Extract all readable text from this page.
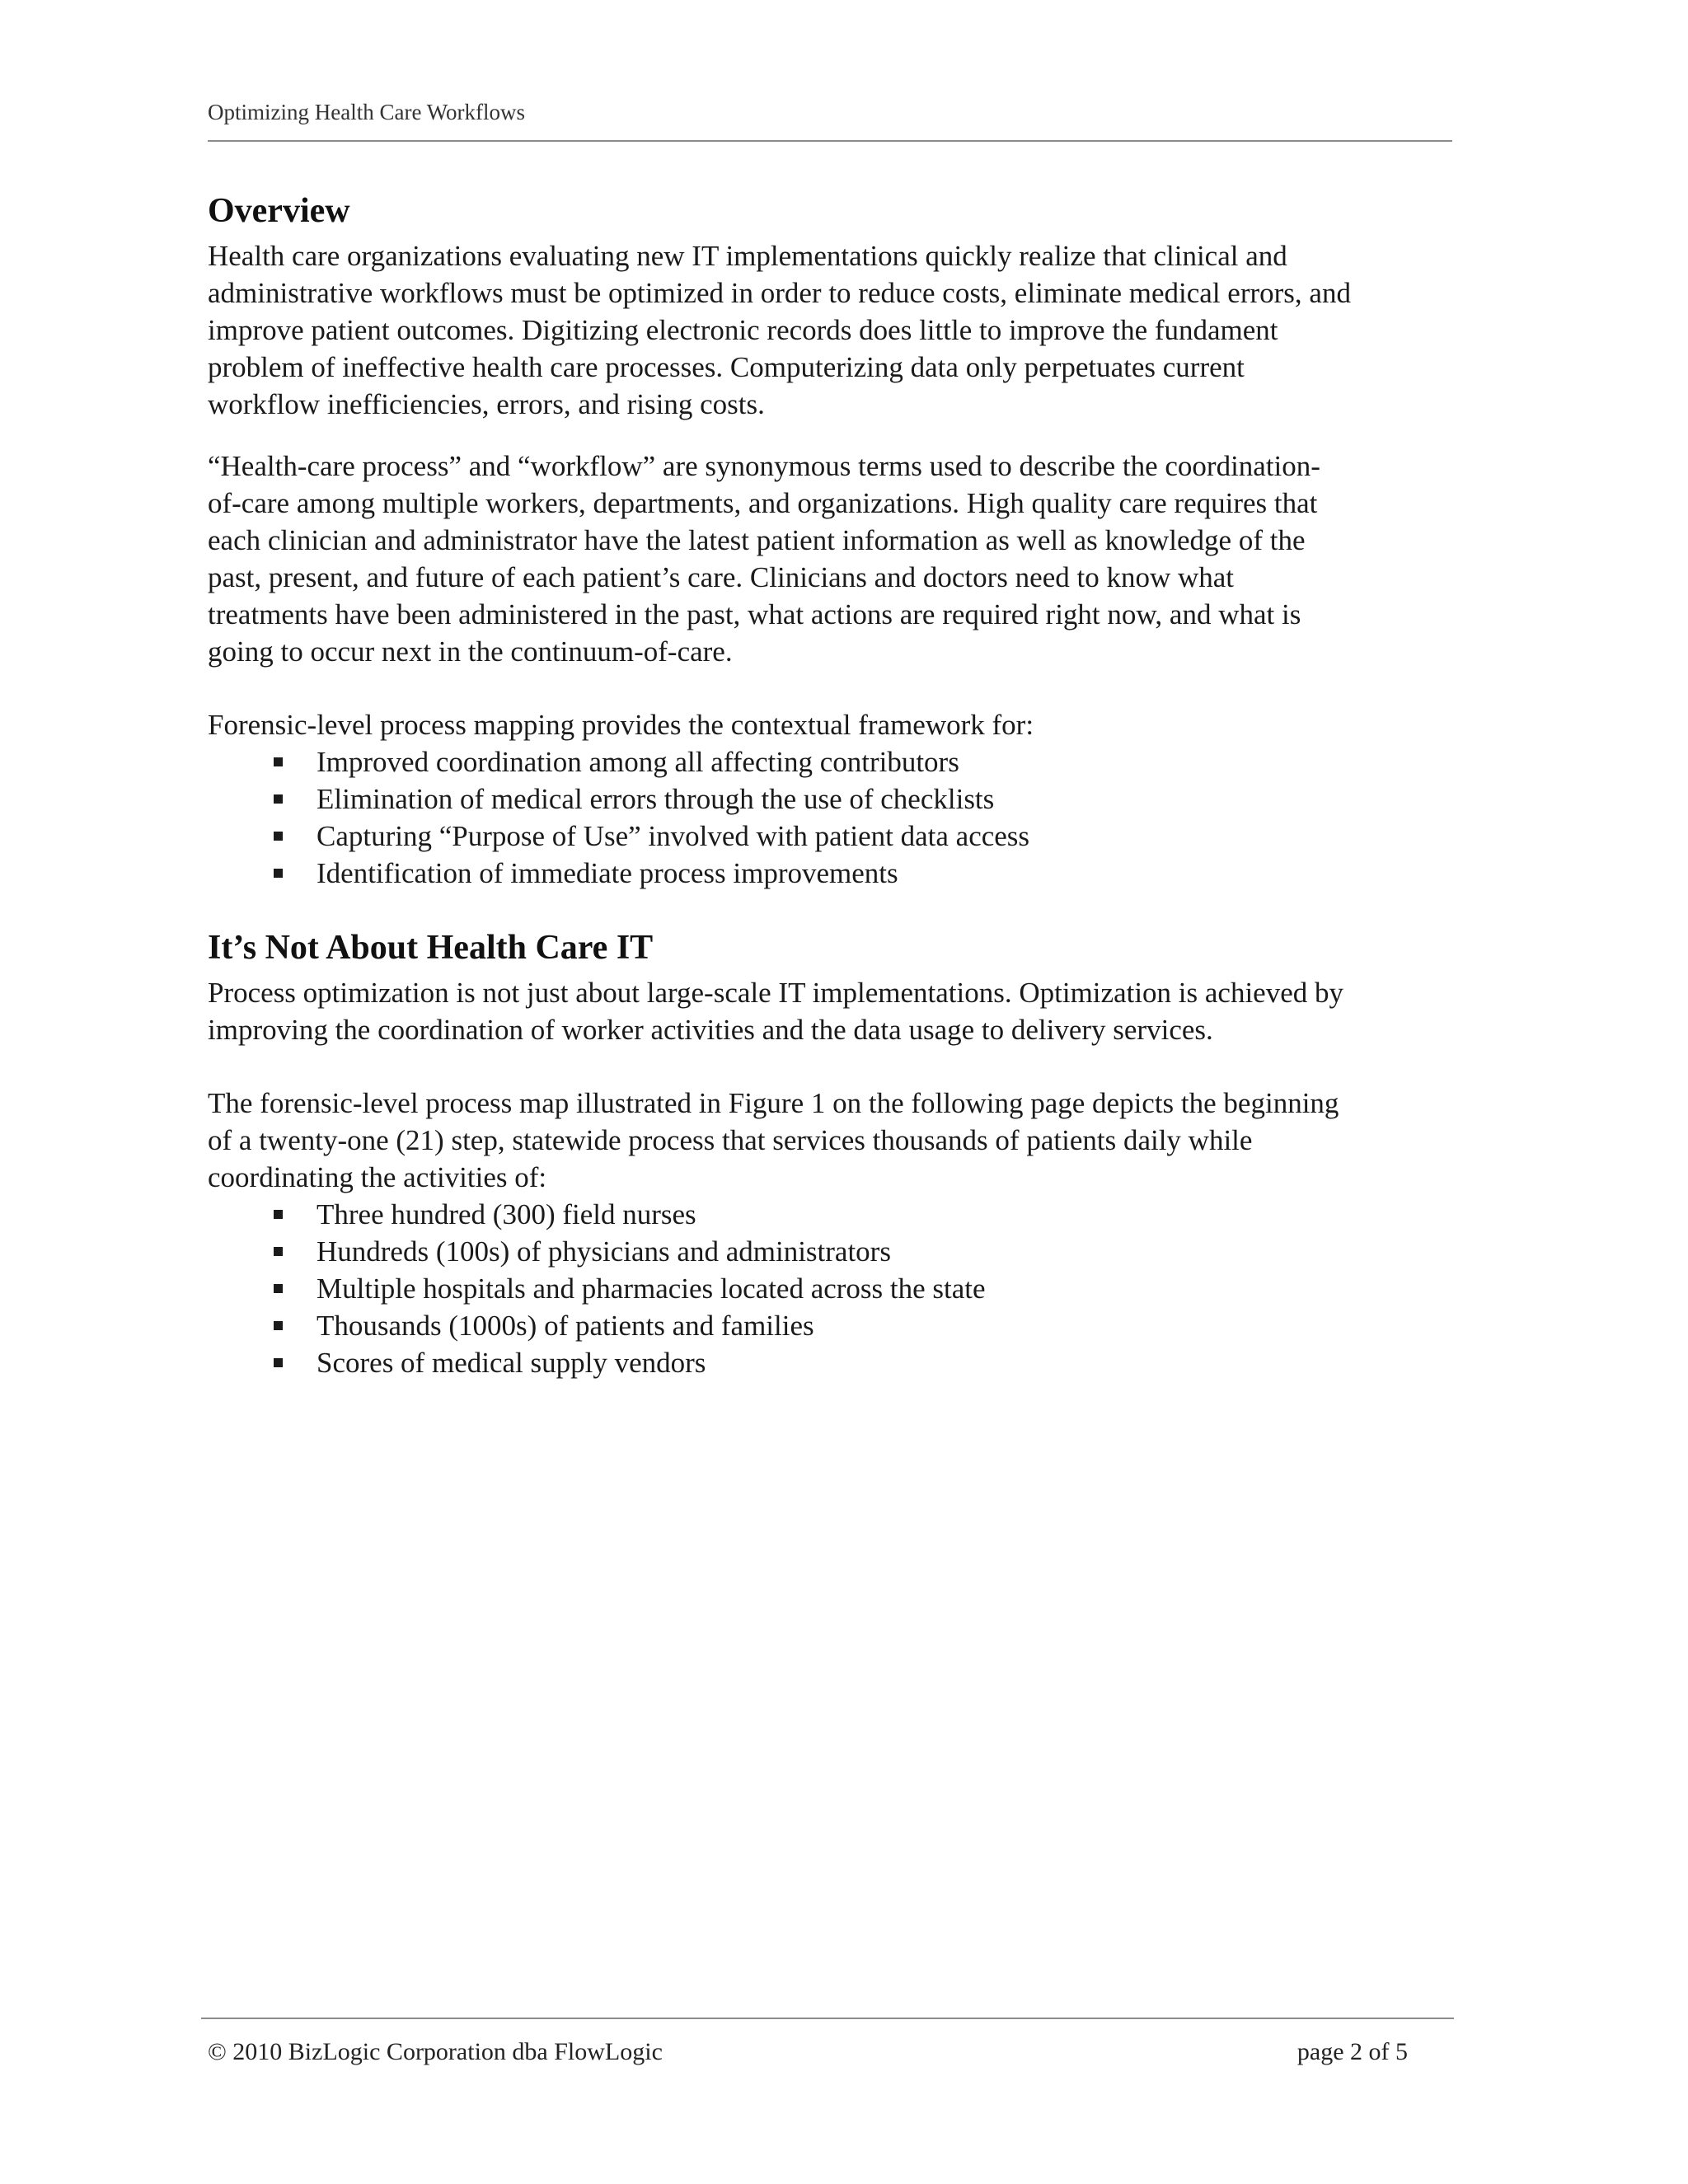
Optimizing Health Care Workflows
Overview

Health care organizations evaluating new IT implementations quickly realize that clinical and
administrative workflows must be optimized in order to reduce costs, eliminate medical errors, and
improve patient outcomes. Digitizing electronic records does little to improve the fundament
problem of ineffective health care processes. Computerizing data only perpetuates current
workflow inefficiencies, errors, and rising costs.

“Health-care process” and “workflow” are synonymous terms used to describe the coordination-
of-care among multiple workers, departments, and organizations. High quality care requires that
each clinician and administrator have the latest patient information as well as knowledge of the
past, present, and future of each patient’s care. Clinicians and doctors need to know what
treatments have been administered in the past, what actions are required right now, and what is
going to occur next in the continuum-of-care.

Forensic-level process mapping provides the contextual framework for:

Improved coordination among all affecting contributors
Elimination of medical errors through the use of checklists
Capturing “Purpose of Use” involved with patient data access
Identification of immediate process improvements
It’s Not About Health Care IT

Process optimization is not just about large-scale IT implementations. Optimization is achieved by
improving the coordination of worker activities and the data usage to delivery services.

The forensic-level process map illustrated in Figure 1 on the following page depicts the beginning
of a twenty-one (21) step, statewide process that services thousands of patients daily while
coordinating the activities of:

Three hundred (300) field nurses
Hundreds (100s) of physicians and administrators
Multiple hospitals and pharmacies located across the state
Thousands (1000s) of patients and families
Scores of medical supply vendors
© 2010 BizLogic Corporation dba FlowLogic	page 2 of 5
